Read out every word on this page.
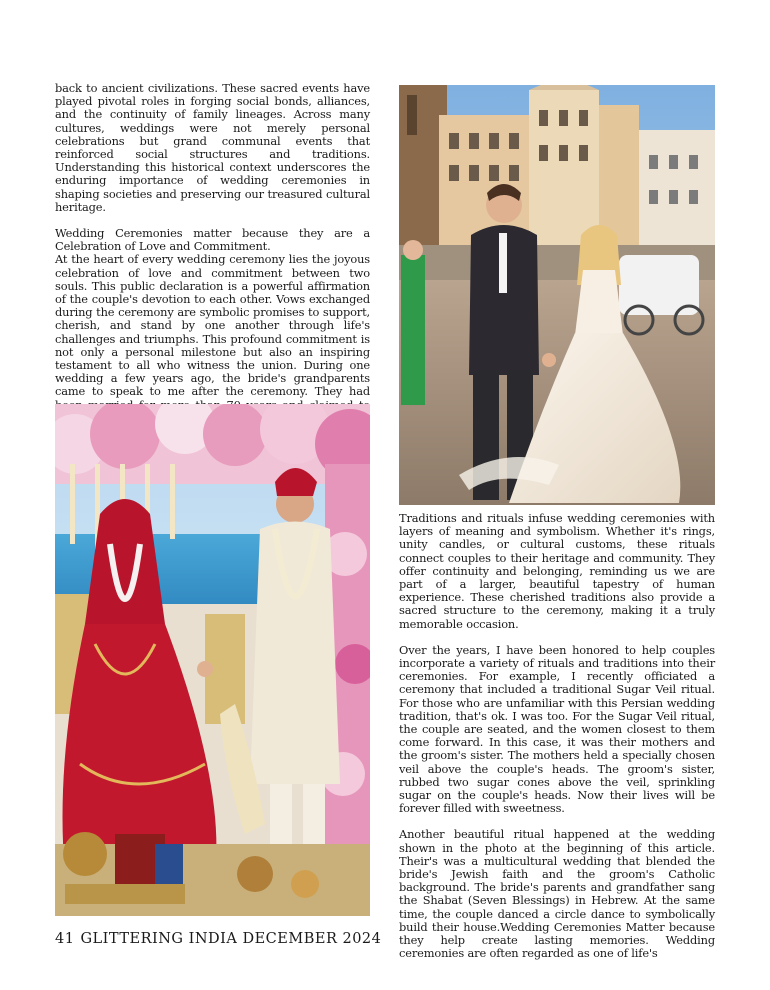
back to ancient civilizations. These sacred events have played pivotal roles in forging social bonds, alliances, and the continuity of family lineages. Across many cultures, weddings were not merely personal celebrations but grand communal events that reinforced social structures and traditions. Understanding this historical context underscores the enduring importance of wedding ceremonies in shaping societies and preserving our treasured cultural heritage.

Wedding Ceremonies matter because they are a Celebration of Love and Commitment.

At the heart of every wedding ceremony lies the joyous celebration of love and commitment between two souls. This public declaration is a powerful affirmation of the couple's devotion to each other. Vows exchanged during the ceremony are symbolic promises to support, cherish, and stand by one another through life's challenges and triumphs. This profound commitment is not only a personal milestone but also an inspiring testament to all who witness the union. During one wedding a few years ago, the bride's grandparents came to speak to me after the ceremony. They had

Traditions and rituals infuse wedding ceremonies with layers of meaning and symbolism. Whether it's rings, unity candles, or cultural customs, these rituals connect couples to their heritage and community. They offer continuity and belonging, reminding us we are part of a larger, beautiful tapestry of human experience. These cherished traditions also provide a sacred structure to the ceremony, making it a truly memorable occasion.

Over the years, I have been honored to help couples incorporate a variety of rituals and traditions into their ceremonies. For example, I recently officiated a ceremony that included a traditional Sugar Veil ritual. For those who are unfamiliar with this Persian wedding tradition, that's ok. I was too. For the Sugar Veil ritual, the couple are seated, and the women closest to them come forward. In this case, it was their mothers and the groom's sister. The mothers held a specially chosen veil above the couple's heads. The groom's sister, rubbed two sugar cones above the veil, sprinkling sugar on the couple's heads. Now their lives will be forever filled with sweetness.

Another beautiful ritual happened at the wedding shown in the photo at the beginning of this article. Their's was a multicultural wedding that blended the bride's Jewish faith and the groom's Catholic background. The bride's parents and grandfather sang the Shabat (Seven Blessings) in Hebrew. At the same time, the couple danced a circle dance to symbolically build their house.Wedding Ceremonies Matter because they help create lasting memories. Wedding ceremonies are often regarded as one of life's

41 GLITTERING INDIA DECEMBER 2024
